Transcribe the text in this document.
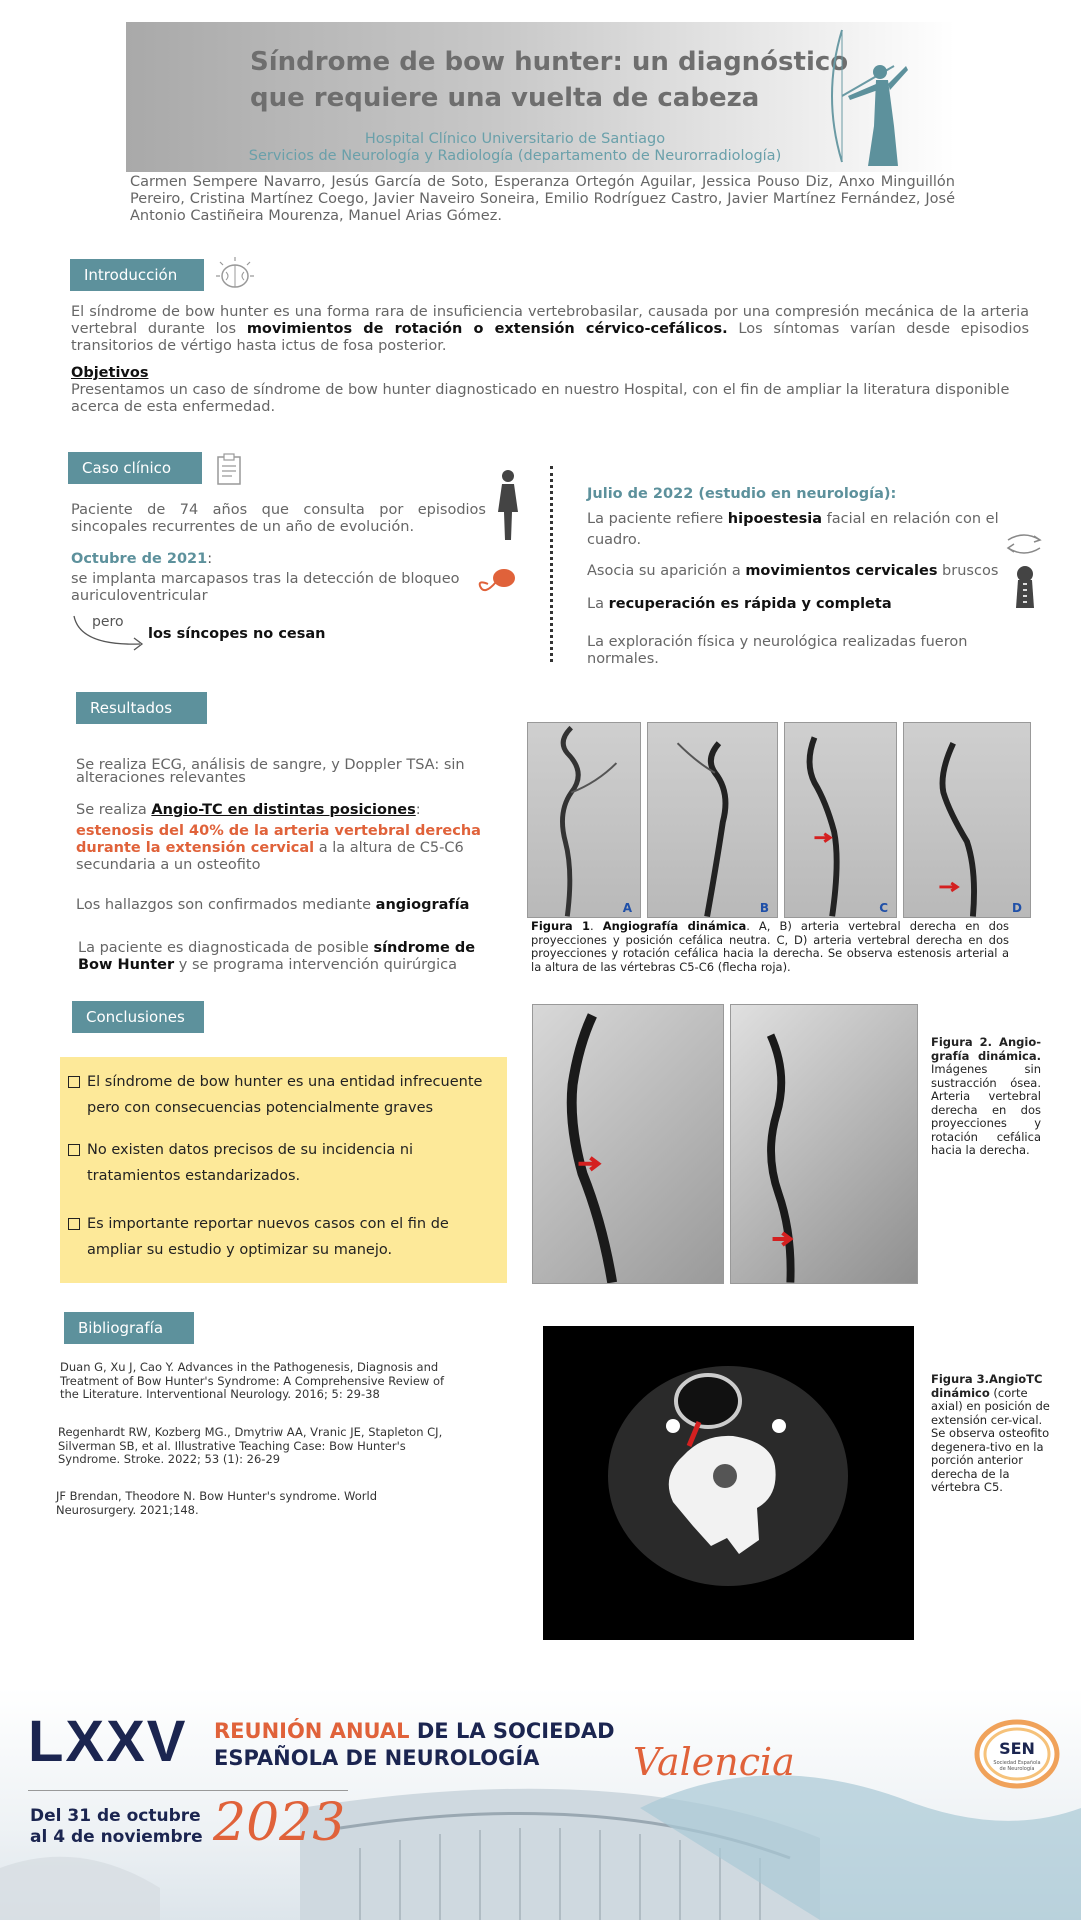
Síndrome de bow hunter: un diagnóstico
que requiere una vuelta de cabeza
Hospital Clínico Universitario de Santiago
Servicios de Neurología y Radiología (departamento de Neurorradiología)
Carmen Sempere Navarro, Jesús García de Soto, Esperanza Ortegón Aguilar, Jessica Pouso Diz, Anxo Minguillón Pereiro, Cristina Martínez Coego, Javier Naveiro Soneira, Emilio Rodríguez Castro, Javier Martínez Fernández, José Antonio Castiñeira Mourenza, Manuel Arias Gómez.
Introducción
El síndrome de bow hunter es una forma rara de insuficiencia vertebrobasilar, causada por una compresión mecánica de la arteria vertebral durante los movimientos de rotación o extensión cérvico-cefálicos. Los síntomas varían desde episodios transitorios de vértigo hasta ictus de fosa posterior.
Objetivos
Presentamos un caso de síndrome de bow hunter diagnosticado en nuestro Hospital, con el fin de ampliar la literatura disponible acerca de esta enfermedad.
Caso clínico
Paciente de 74 años que consulta por episodios sincopales recurrentes de un año de evolución.
Octubre de 2021:
se implanta marcapasos tras la detección de bloqueo auriculoventricular
pero
los síncopes no cesan
Julio de 2022 (estudio en neurología):
La paciente refiere hipoestesia facial en relación con el cuadro.
Asocia su aparición a movimientos cervicales bruscos
La recuperación es rápida y completa
La exploración física y neurológica realizadas fueron normales.
Resultados
Se realiza ECG, análisis de sangre, y Doppler TSA: sin alteraciones relevantes
Se realiza Angio-TC en distintas posiciones:
estenosis del 40% de la arteria vertebral derecha durante la extensión cervical a la altura de C5-C6 secundaria a un osteofito
Los hallazgos son confirmados mediante angiografía
La paciente es diagnosticada de posible síndrome de
Bow Hunter y se programa intervención quirúrgica
A	B	C	D
Figura 1. Angiografía dinámica. A, B) arteria vertebral derecha en dos proyecciones y posición cefálica neutra. C, D) arteria vertebral derecha en dos proyecciones y rotación cefálica hacia la derecha. Se observa estenosis arterial a la altura de las vértebras C5-C6 (flecha roja).
Conclusiones
El síndrome de bow hunter es una entidad infrecuente pero con consecuencias potencialmente graves
No existen datos precisos de su incidencia ni tratamientos estandarizados.
Es importante reportar nuevos casos con el fin de ampliar su estudio y optimizar su manejo.
Figura 2. Angio-grafía dinámica. Imágenes sin sustracción ósea. Arteria vertebral derecha en dos proyecciones y rotación cefálica hacia la derecha.
Bibliografía
Duan G, Xu J, Cao Y. Advances in the Pathogenesis, Diagnosis and Treatment of Bow Hunter's Syndrome: A Comprehensive Review of the Literature. Interventional Neurology. 2016; 5: 29-38
Regenhardt RW, Kozberg MG., Dmytriw AA, Vranic JE, Stapleton CJ, Silverman SB, et al. Illustrative Teaching Case: Bow Hunter's Syndrome. Stroke. 2022; 53 (1): 26-29
JF Brendan, Theodore N. Bow Hunter's syndrome. World Neurosurgery. 2021;148.
Figura 3.AngioTC dinámico (corte axial) en posición de extensión cer-vical. Se observa osteofito degenera-tivo en la porción anterior derecha de la vértebra C5.
LXXV REUNIÓN ANUAL DE LA SOCIEDAD
ESPAÑOLA DE NEUROLOGÍA	Valencia
Del 31 de octubre
al 4 de noviembre 2023
SEN
Sociedad Española
de Neurología
